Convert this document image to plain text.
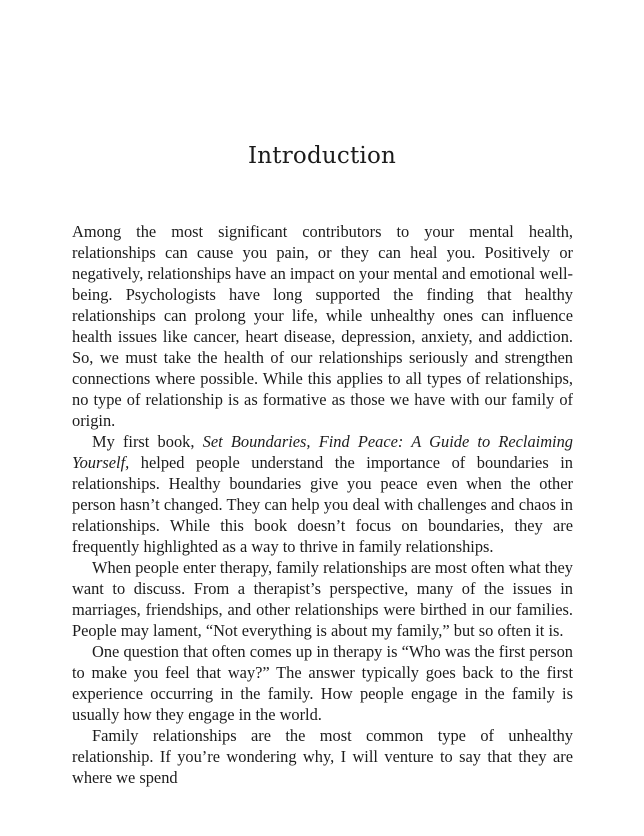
Introduction

Among the most significant contributors to your mental health, relationships can cause you pain, or they can heal you. Positively or negatively, relationships have an impact on your mental and emotional well-being. Psychologists have long supported the finding that healthy relationships can prolong your life, while unhealthy ones can influence health issues like cancer, heart disease, depression, anxiety, and addiction. So, we must take the health of our relationships seriously and strengthen connections where possible. While this applies to all types of relationships, no type of relationship is as formative as those we have with our family of origin.

My first book, Set Boundaries, Find Peace: A Guide to Reclaiming Yourself, helped people understand the importance of boundaries in relationships. Healthy boundaries give you peace even when the other person hasn’t changed. They can help you deal with challenges and chaos in relationships. While this book doesn’t focus on boundaries, they are frequently highlighted as a way to thrive in family relationships.

When people enter therapy, family relationships are most often what they want to discuss. From a therapist’s perspective, many of the issues in marriages, friendships, and other relationships were birthed in our families. People may lament, “Not everything is about my family,” but so often it is.

One question that often comes up in therapy is “Who was the first person to make you feel that way?” The answer typically goes back to the first experience occurring in the family. How people engage in the family is usually how they engage in the world.

Family relationships are the most common type of unhealthy relationship. If you’re wondering why, I will venture to say that they are where we spend
